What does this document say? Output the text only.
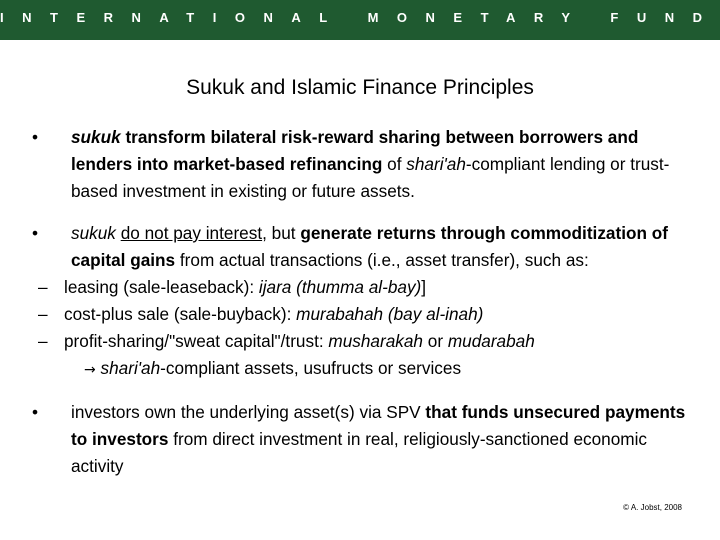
INTERNATIONAL MONETARY FUND
Sukuk and Islamic Finance Principles

• sukuk transform bilateral risk-reward sharing between borrowers and lenders into market-based refinancing of shari'ah-compliant lending or trust-based investment in existing or future assets.

• sukuk do not pay interest, but generate returns through commoditization of capital gains from actual transactions (i.e., asset transfer), such as:

– leasing (sale-leaseback): ijara (thumma al-bay)]

– cost-plus sale (sale-buyback): murabahah (bay al-inah)

– profit-sharing/"sweat capital"/trust: musharakah or mudarabah
→ shari'ah-compliant assets, usufructs or services

• investors own the underlying asset(s) via SPV that funds unsecured payments to investors from direct investment in real, religiously-sanctioned economic activity

© A. Jobst, 2008
